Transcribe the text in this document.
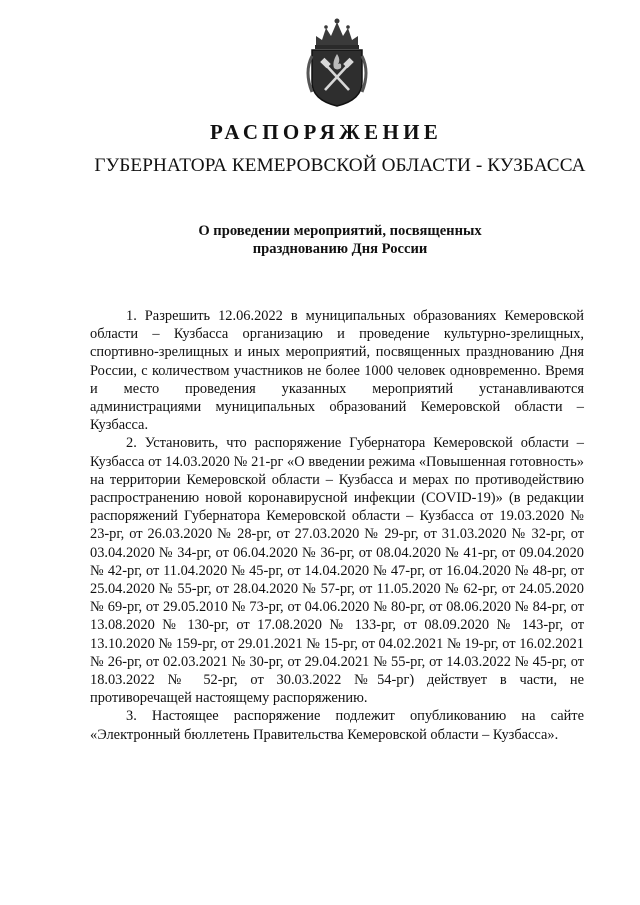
РАСПОРЯЖЕНИЕ
ГУБЕРНАТОРА КЕМЕРОВСКОЙ ОБЛАСТИ - КУЗБАССА
О проведении мероприятий, посвященных
празднованию Дня России

1. Разрешить 12.06.2022 в муниципальных образованиях Кемеровской области – Кузбасса организацию и проведение культурно-зрелищных, спортивно-зрелищных и иных мероприятий, посвященных празднованию Дня России, с количеством участников не более 1000 человек одновременно. Время и место проведения указанных мероприятий устанавливаются администрациями муниципальных образований Кемеровской области – Кузбасса.

2. Установить, что распоряжение Губернатора Кемеровской области – Кузбасса от 14.03.2020 № 21-рг «О введении режима «Повышенная готовность» на территории Кемеровской области – Кузбасса и мерах по противодействию распространению новой коронавирусной инфекции (COVID-19)» (в редакции распоряжений Губернатора Кемеровской области – Кузбасса от 19.03.2020 № 23-рг, от 26.03.2020 № 28-рг, от 27.03.2020 № 29-рг, от 31.03.2020 № 32-рг, от 03.04.2020 № 34-рг, от 06.04.2020 № 36-рг, от 08.04.2020 № 41-рг, от 09.04.2020 № 42-рг, от 11.04.2020 № 45-рг, от 14.04.2020 № 47-рг, от 16.04.2020 № 48-рг, от 25.04.2020 № 55-рг, от 28.04.2020 № 57-рг, от 11.05.2020 № 62-рг, от 24.05.2020 № 69-рг, от 29.05.2010 № 73-рг, от 04.06.2020 № 80-рг, от 08.06.2020 № 84-рг, от 13.08.2020 № 130-рг, от 17.08.2020 № 133-рг, от 08.09.2020 № 143-рг, от 13.10.2020 № 159-рг, от 29.01.2021 № 15-рг, от 04.02.2021 № 19-рг, от 16.02.2021 № 26-рг, от 02.03.2021 № 30-рг, от 29.04.2021 № 55-рг, от 14.03.2022 № 45-рг, от 18.03.2022 № 52-рг, от 30.03.2022 №54-рг) действует в части, не противоречащей настоящему распоряжению.

3. Настоящее распоряжение подлежит опубликованию на сайте «Электронный бюллетень Правительства Кемеровской области – Кузбасса».
